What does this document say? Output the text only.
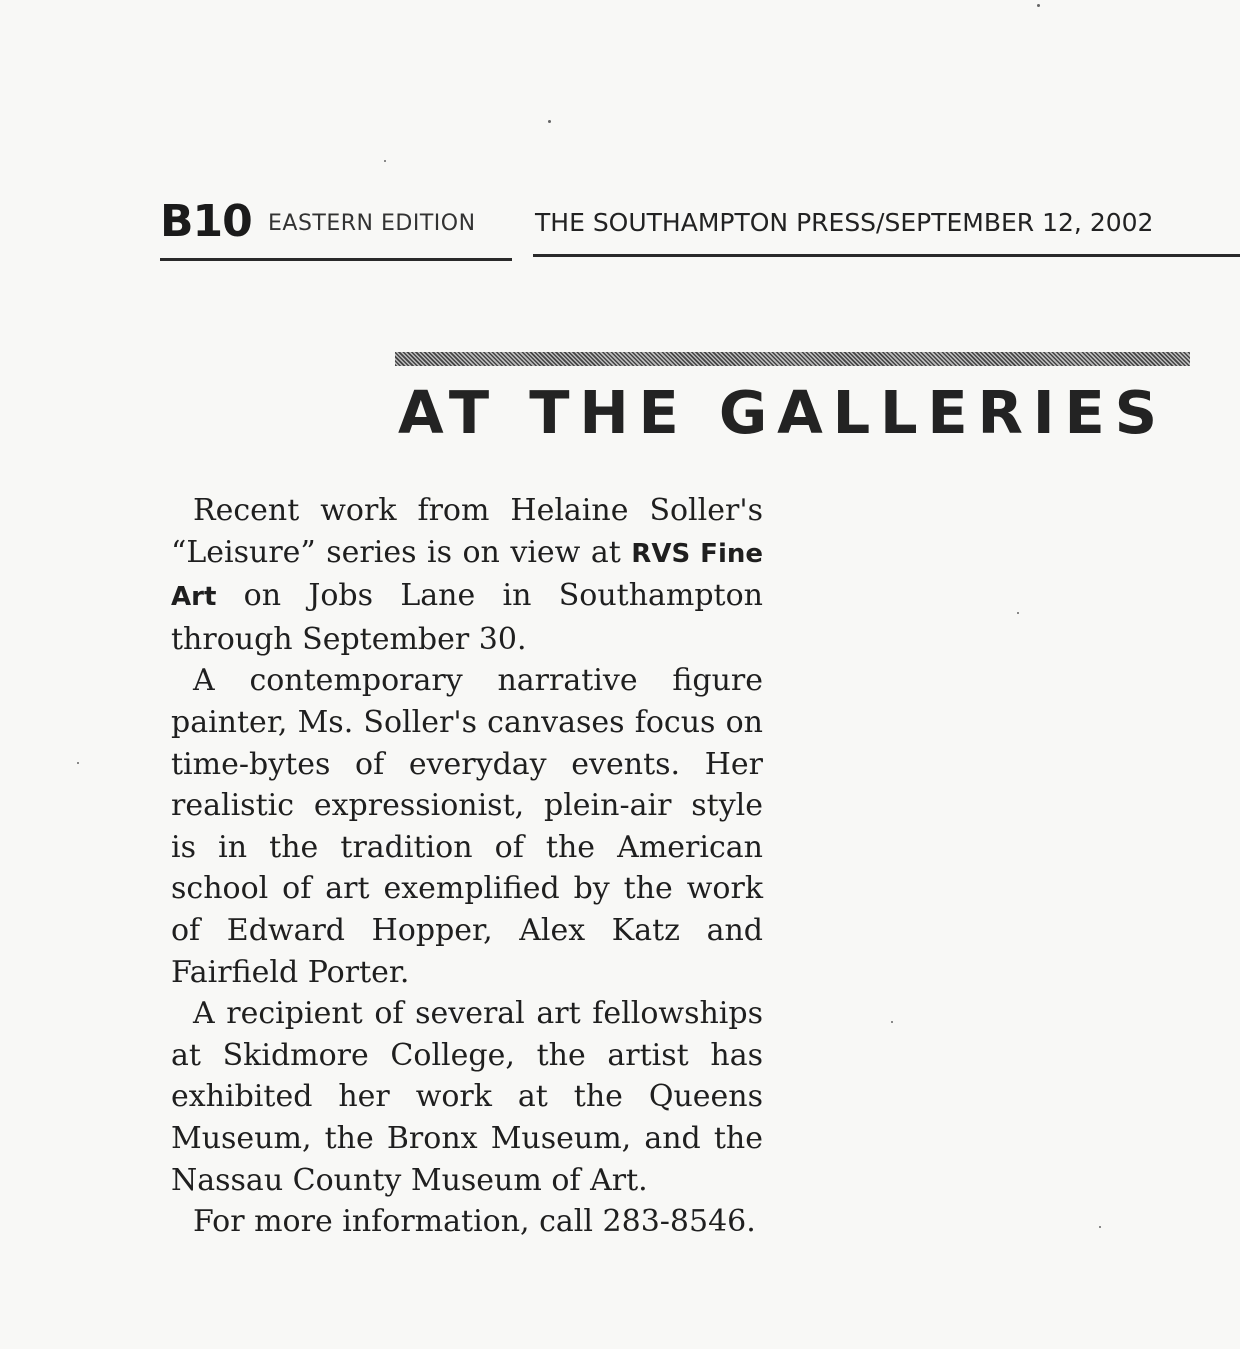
B10 EASTERN EDITION THE SOUTHAMPTON PRESS/SEPTEMBER 12, 2002
AT THE GALLERIES

Recent work from Helaine Soller's “Leisure” series is on view at RVS Fine Art on Jobs Lane in Southampton through September 30.

A contemporary narrative figure painter, Ms. Soller's canvases focus on time-bytes of everyday events. Her realistic expressionist, plein-air style is in the tradition of the American school of art exemplified by the work of Edward Hopper, Alex Katz and Fairfield Porter.

A recipient of several art fellowships at Skidmore College, the artist has exhibited her work at the Queens Museum, the Bronx Museum, and the Nassau County Museum of Art.

For more information, call 283-8546.
